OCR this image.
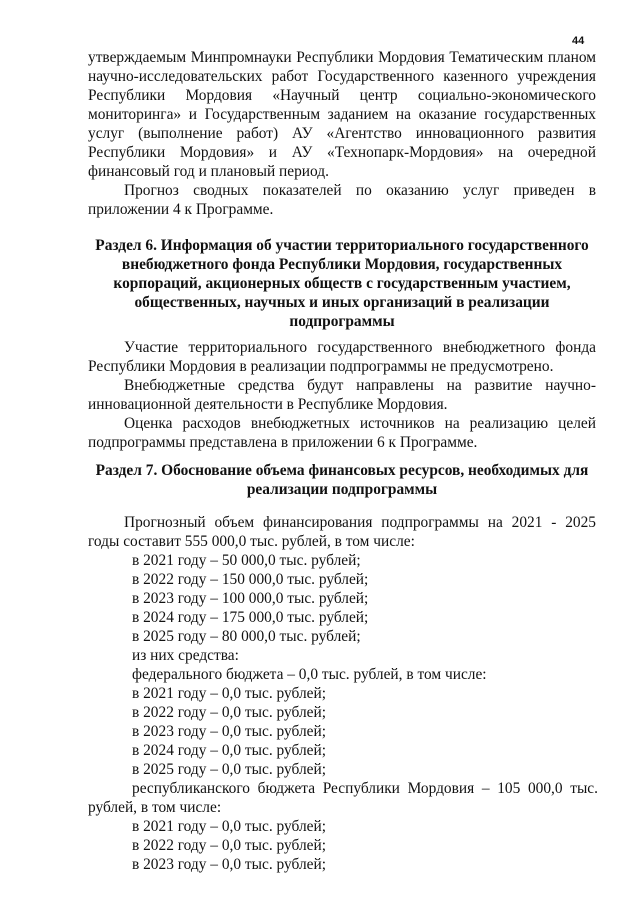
44

утверждаемым Минпромнауки Республики Мордовия Тематическим планом научно-исследовательских работ Государственного казенного учреждения Республики Мордовия «Научный центр социально-экономического мониторинга» и Государственным заданием на оказание государственных услуг (выполнение работ) АУ «Агентство инновационного развития Республики Мордовия» и АУ «Технопарк-Мордовия» на очередной финансовый год и плановый период.

Прогноз сводных показателей по оказанию услуг приведен в приложении 4 к Программе.

Раздел 6. Информация об участии территориального государственного внебюджетного фонда Республики Мордовия, государственных корпораций, акционерных обществ с государственным участием, общественных, научных и иных организаций в реализации подпрограммы

Участие территориального государственного внебюджетного фонда Республики Мордовия в реализации подпрограммы не предусмотрено.

Внебюджетные средства будут направлены на развитие научно-инновационной деятельности в Республике Мордовия.

Оценка расходов внебюджетных источников на реализацию целей подпрограммы представлена в приложении 6 к Программе.

Раздел 7. Обоснование объема финансовых ресурсов, необходимых для реализации подпрограммы

Прогнозный объем финансирования подпрограммы на 2021 - 2025 годы составит 555 000,0 тыс. рублей, в том числе:

в 2021 году – 50 000,0 тыс. рублей;
в 2022 году – 150 000,0 тыс. рублей;
в 2023 году – 100 000,0 тыс. рублей;
в 2024 году – 175 000,0 тыс. рублей;
в 2025 году – 80 000,0 тыс. рублей;
из них средства:
федерального бюджета – 0,0 тыс. рублей, в том числе:
в 2021 году – 0,0 тыс. рублей;
в 2022 году – 0,0 тыс. рублей;
в 2023 году – 0,0 тыс. рублей;
в 2024 году – 0,0 тыс. рублей;
в 2025 году – 0,0 тыс. рублей;
республиканского бюджета Республики Мордовия – 105 000,0 тыс. рублей, в том числе:
в 2021 году – 0,0 тыс. рублей;
в 2022 году – 0,0 тыс. рублей;
в 2023 году – 0,0 тыс. рублей;
